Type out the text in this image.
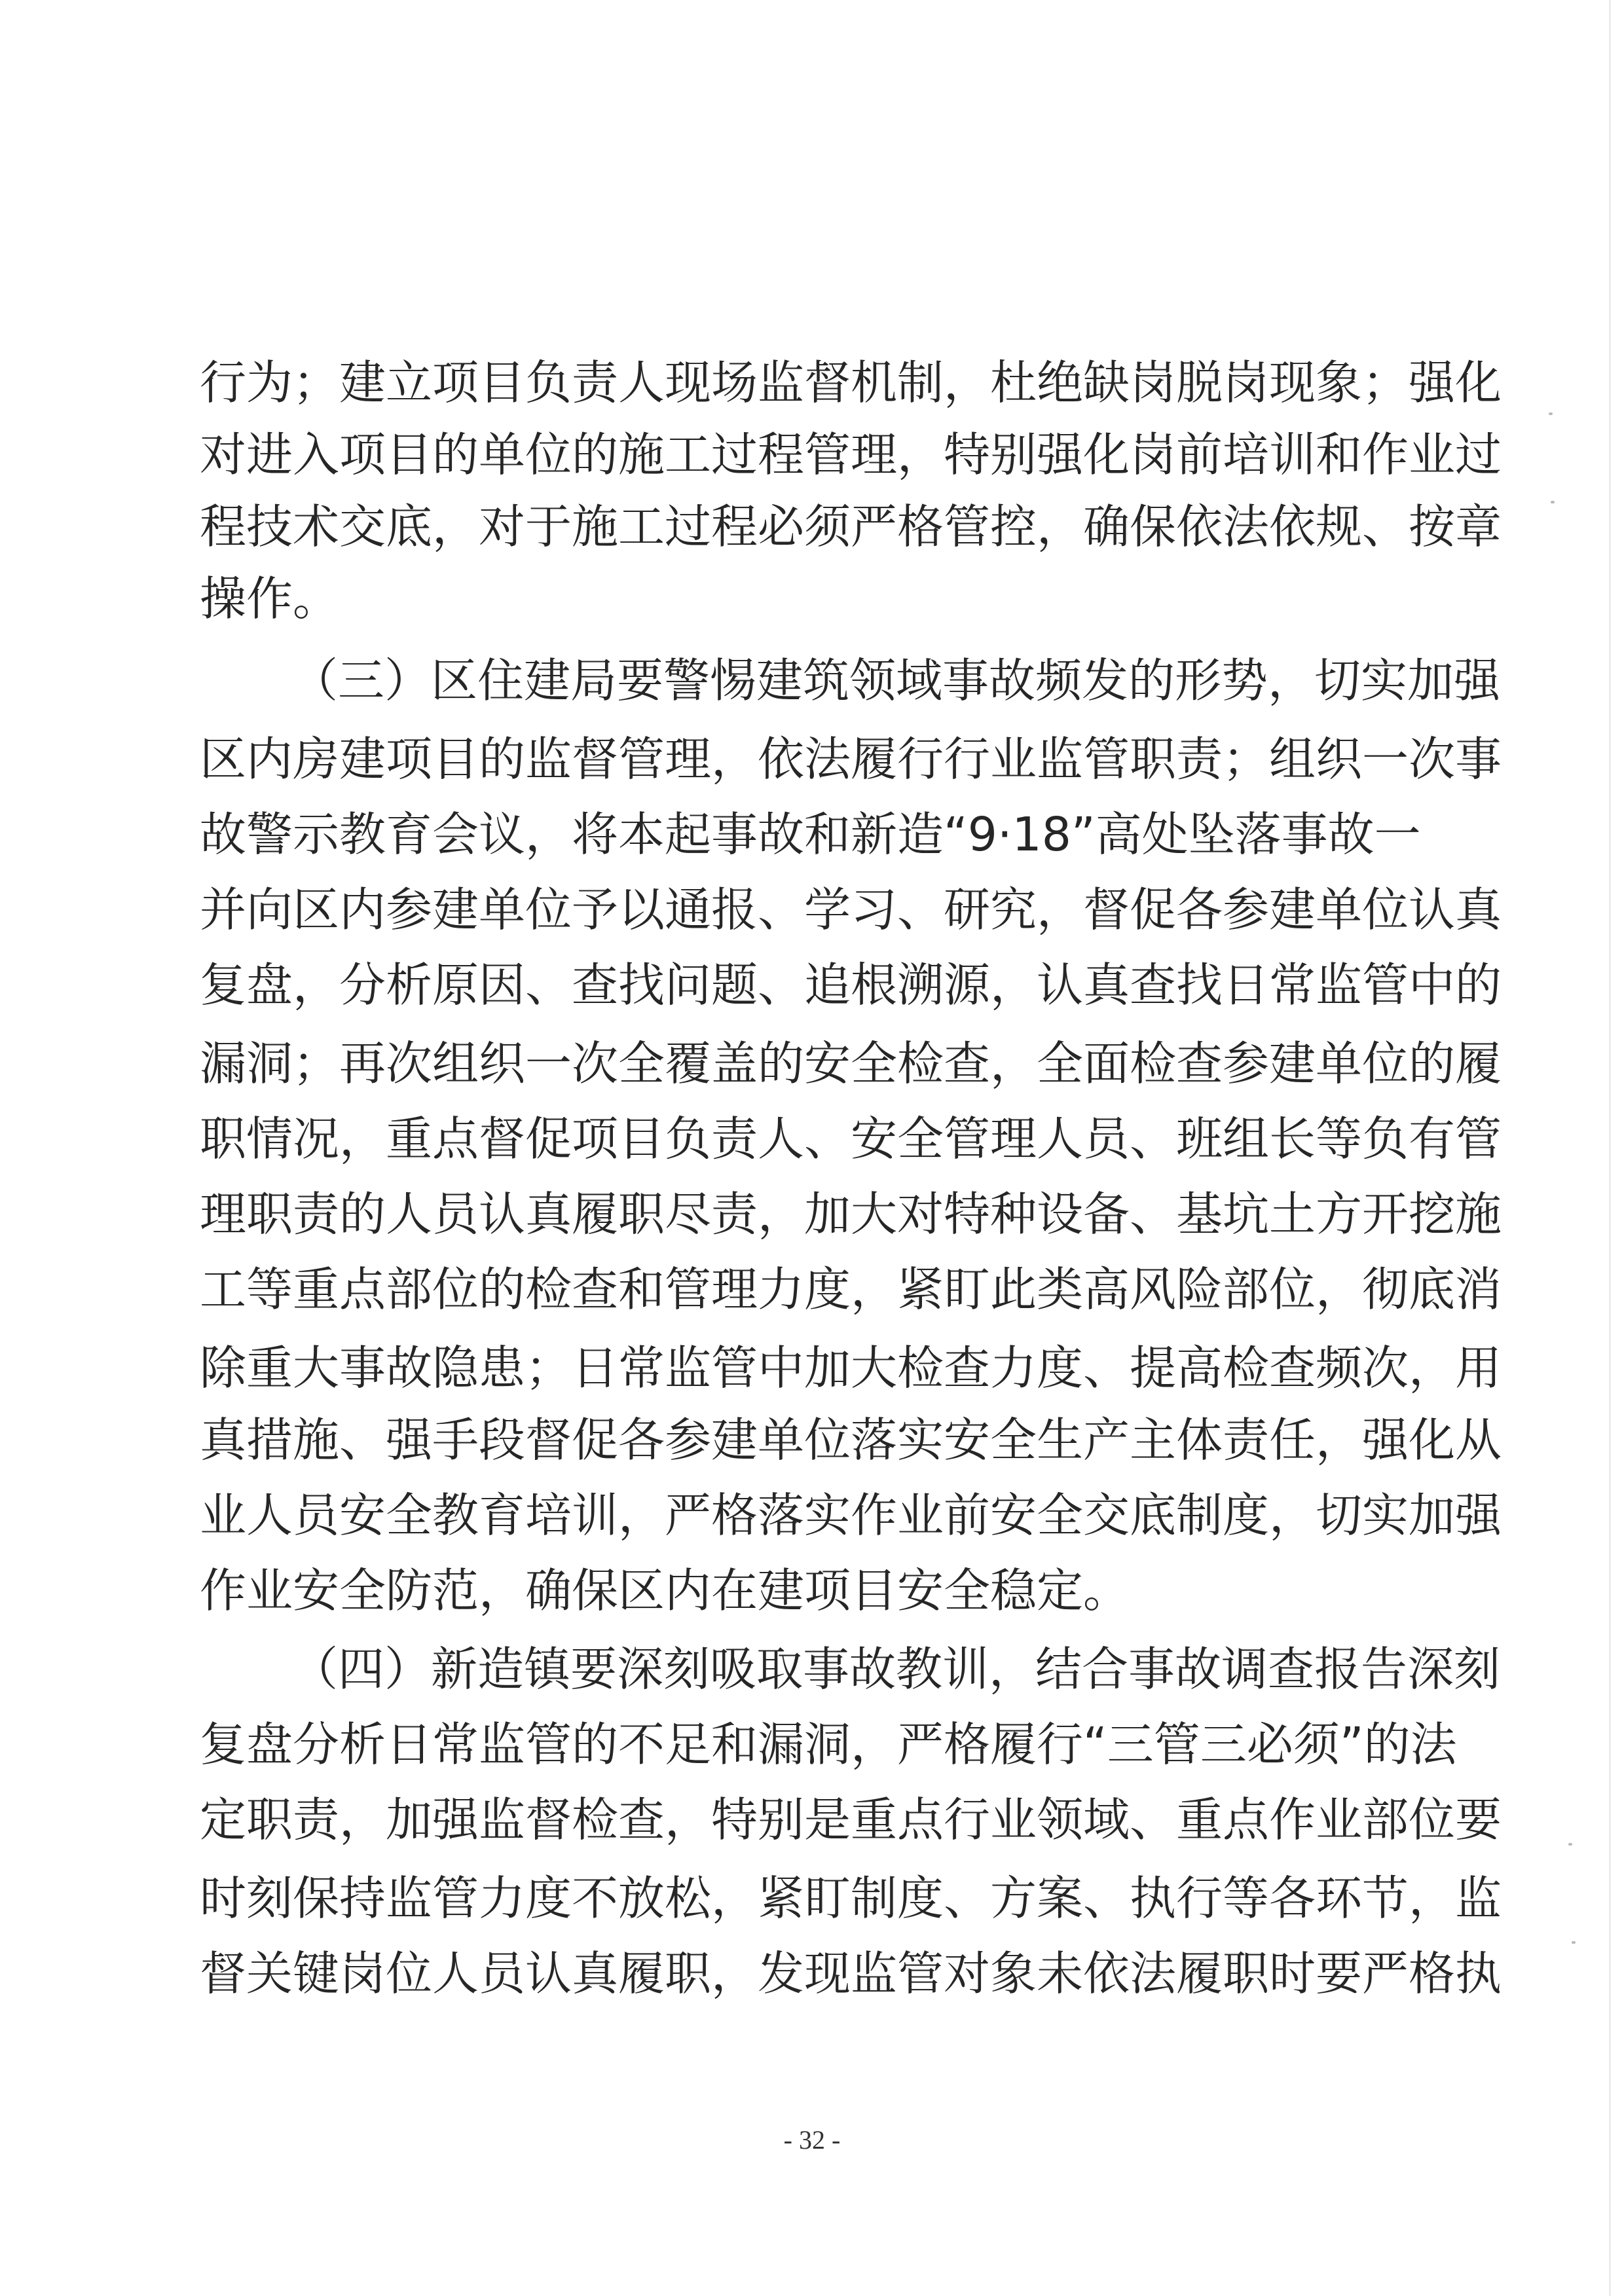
行为；建立项目负责人现场监督机制，杜绝缺岗脱岗现象；强化
对进入项目的单位的施工过程管理，特别强化岗前培训和作业过
程技术交底，对于施工过程必须严格管控，确保依法依规、按章
操作。
（三）区住建局要警惕建筑领域事故频发的形势，切实加强
区内房建项目的监督管理，依法履行行业监管职责；组织一次事
故警示教育会议，将本起事故和新造“9·18”高处坠落事故一
并向区内参建单位予以通报、学习、研究，督促各参建单位认真
复盘，分析原因、查找问题、追根溯源，认真查找日常监管中的
漏洞；再次组织一次全覆盖的安全检查，全面检查参建单位的履
职情况，重点督促项目负责人、安全管理人员、班组长等负有管
理职责的人员认真履职尽责，加大对特种设备、基坑土方开挖施
工等重点部位的检查和管理力度，紧盯此类高风险部位，彻底消
除重大事故隐患；日常监管中加大检查力度、提高检查频次，用
真措施、强手段督促各参建单位落实安全生产主体责任，强化从
业人员安全教育培训，严格落实作业前安全交底制度，切实加强
作业安全防范，确保区内在建项目安全稳定。
（四）新造镇要深刻吸取事故教训，结合事故调查报告深刻
复盘分析日常监管的不足和漏洞，严格履行“三管三必须”的法
定职责，加强监督检查，特别是重点行业领域、重点作业部位要
时刻保持监管力度不放松，紧盯制度、方案、执行等各环节，监
督关键岗位人员认真履职，发现监管对象未依法履职时要严格执
- 32 -
